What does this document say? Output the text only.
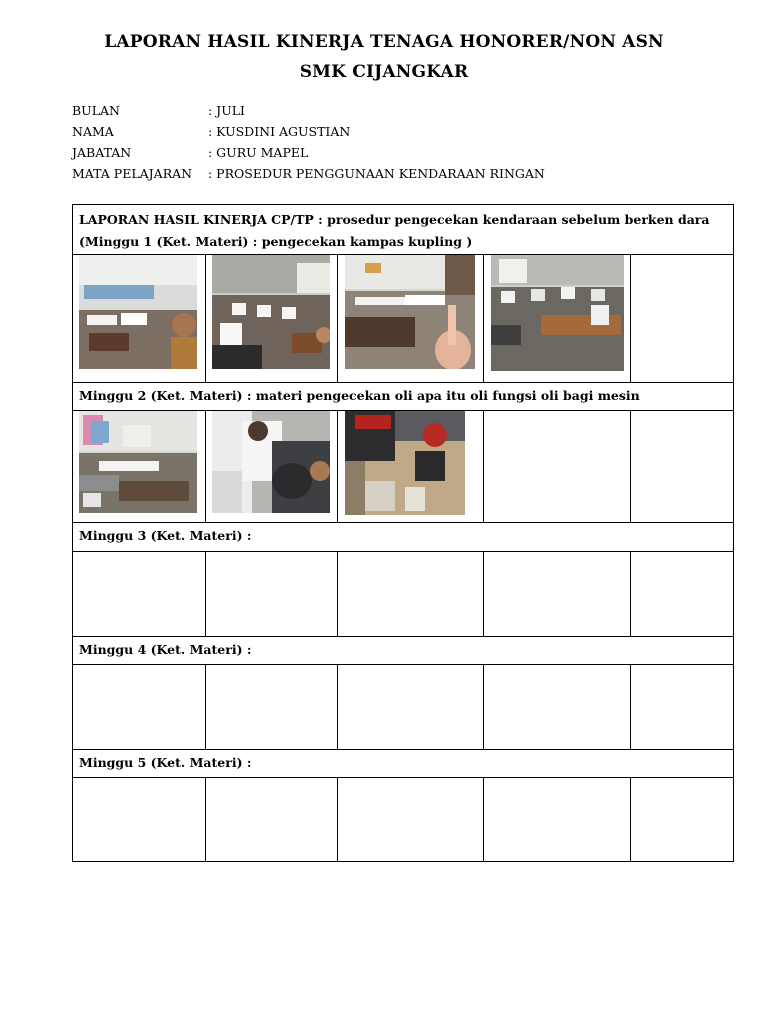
LAPORAN HASIL KINERJA TENAGA HONORER/NON ASN
SMK CIJANGKAR
BULAN	: JULI
NAMA	: KUSDINI AGUSTIAN
JABATAN	: GURU MAPEL
MATA PELAJARAN : PROSEDUR PENGGUNAAN KENDARAAN RINGAN
LAPORAN HASIL KINERJA CP/TP : prosedur pengecekan kendaraan sebelum berken dara (Minggu 1 (Ket. Materi) : pengecekan kampas kupling )
Minggu 2 (Ket. Materi) : materi pengecekan oli apa itu oli fungsi oli bagi mesin
Minggu 3 (Ket. Materi) :
Minggu 4 (Ket. Materi) :
Minggu 5 (Ket. Materi) :
